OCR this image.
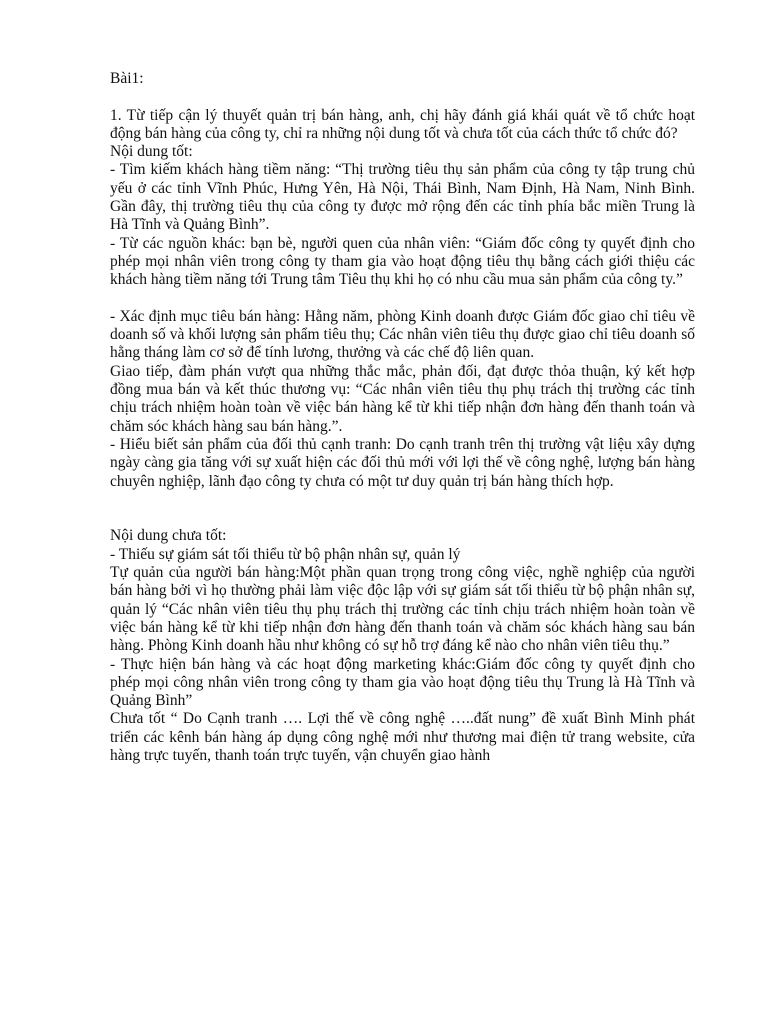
Bài1:

1. Từ tiếp cận lý thuyết quản trị bán hàng, anh, chị hãy đánh giá khái quát về tổ chức hoạt động bán hàng của công ty, chỉ ra những nội dung tốt và chưa tốt của cách thức tổ chức đó?

Nội dung tốt:

- Tìm kiếm khách hàng tiềm năng: “Thị trường tiêu thụ sản phẩm của công ty tập trung chủ yếu ở các tỉnh Vĩnh Phúc, Hưng Yên, Hà Nội, Thái Bình, Nam Định, Hà Nam, Ninh Bình. Gần đây, thị trường tiêu thụ của công ty được mở rộng đến các tỉnh phía bắc miền Trung là Hà Tĩnh và Quảng Bình”.

- Từ các nguồn khác: bạn bè, người quen của nhân viên: “Giám đốc công ty quyết định cho phép mọi nhân viên trong công ty tham gia vào hoạt động tiêu thụ bằng cách giới thiệu các khách hàng tiềm năng tới Trung tâm Tiêu thụ khi họ có nhu cầu mua sản phẩm của công ty.”

- Xác định mục tiêu bán hàng: Hằng năm, phòng Kinh doanh được Giám đốc giao chỉ tiêu về doanh số và khối lượng sản phẩm tiêu thụ; Các nhân viên tiêu thụ được giao chỉ tiêu doanh số hằng tháng làm cơ sở để tính lương, thưởng và các chế độ liên quan.

Giao tiếp, đàm phán vượt qua những thắc mắc, phản đối, đạt được thỏa thuận, ký kết hợp đồng mua bán và kết thúc thương vụ: “Các nhân viên tiêu thụ phụ trách thị trường các tỉnh chịu trách nhiệm hoàn toàn về việc bán hàng kể từ khi tiếp nhận đơn hàng đến thanh toán và chăm sóc khách hàng sau bán hàng.”.

- Hiểu biết sản phẩm của đối thủ cạnh tranh: Do cạnh tranh trên thị trường vật liệu xây dựng ngày càng gia tăng với sự xuất hiện các đối thủ mới với lợi thế về công nghệ, lượng bán hàng chuyên nghiệp, lãnh đạo công ty chưa có một tư duy quản trị bán hàng thích hợp.

Nội dung chưa tốt:

- Thiếu sự giám sát tối thiểu từ bộ phận nhân sự, quản lý

Tự quản của người bán hàng:Một phần quan trọng trong công việc, nghề nghiệp của người bán hàng bởi vì họ thường phải làm việc độc lập với sự giám sát tối thiểu từ bộ phận nhân sự, quản lý “Các nhân viên tiêu thụ phụ trách thị trường các tỉnh chịu trách nhiệm hoàn toàn về việc bán hàng kể từ khi tiếp nhận đơn hàng đến thanh toán và chăm sóc khách hàng sau bán hàng. Phòng Kinh doanh hầu như không có sự hỗ trợ đáng kể nào cho nhân viên tiêu thụ.”

- Thực hiện bán hàng và các hoạt động marketing khác:Giám đốc công ty quyết định cho phép mọi công nhân viên trong công ty tham gia vào hoạt động tiêu thụ Trung là Hà Tĩnh và Quảng Bình”

Chưa tốt “ Do Cạnh tranh …. Lợi thế về công nghệ …..đất nung” đề xuất Bình Minh phát triển các kênh bán hàng áp dụng công nghệ mới như thương mai điện tử trang website, cửa hàng trực tuyến, thanh toán trực tuyến, vận chuyển giao hành
